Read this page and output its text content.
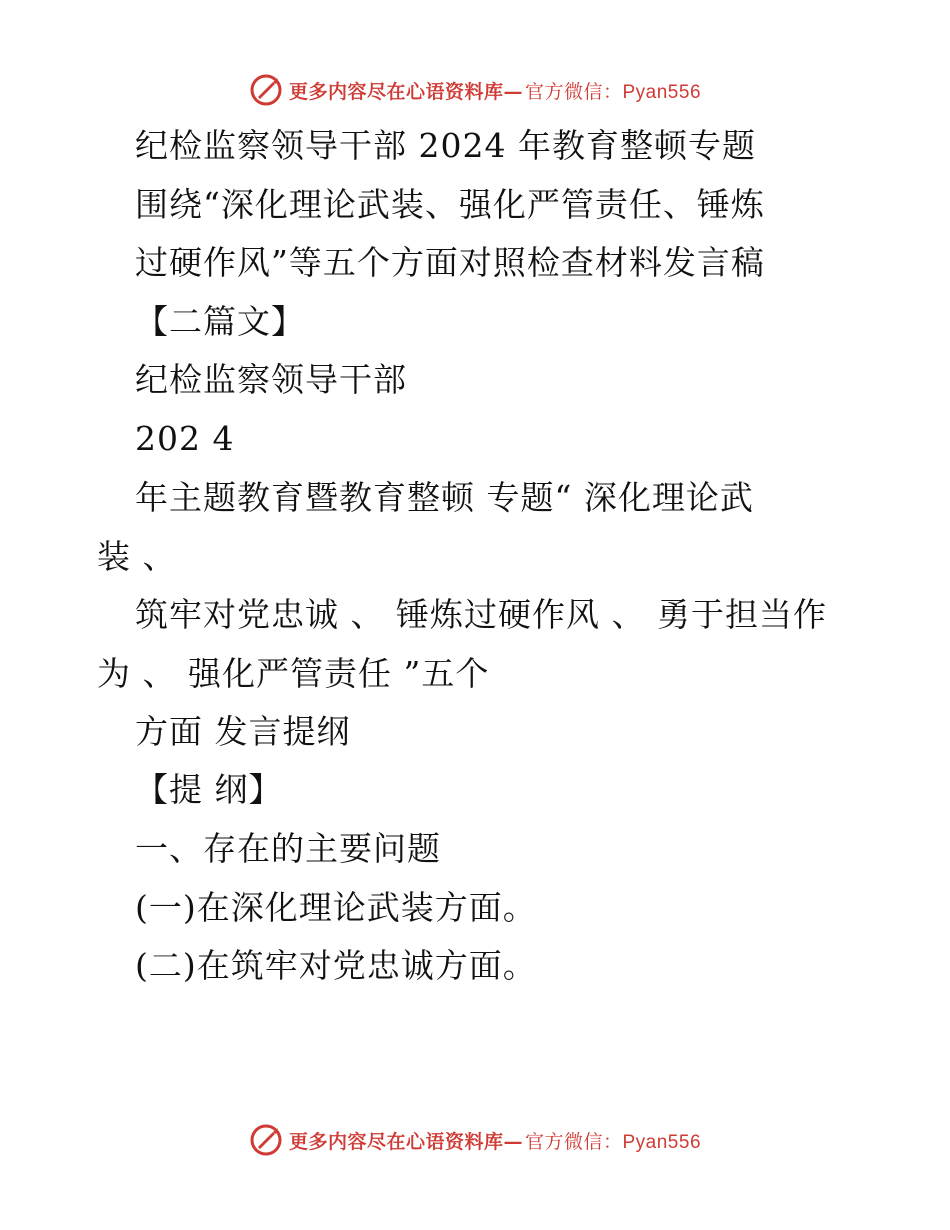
更多内容尽在心语资料库— 官方微信：Pyan556
纪检监察领导干部 2024 年教育整顿专题
围绕“深化理论武装、强化严管责任、锤炼
过硬作风”等五个方面对照检查材料发言稿
【二篇文】
纪检监察领导干部
202 4
年主题教育暨教育整顿 专题“ 深化理论武
装 、
筑牢对党忠诚 、 锤炼过硬作风 、 勇于担当作
为 、 强化严管责任 ”五个
方面 发言提纲
【提 纲】
一、存在的主要问题
(一)在深化理论武装方面。
(二)在筑牢对党忠诚方面。
更多内容尽在心语资料库— 官方微信：Pyan556
